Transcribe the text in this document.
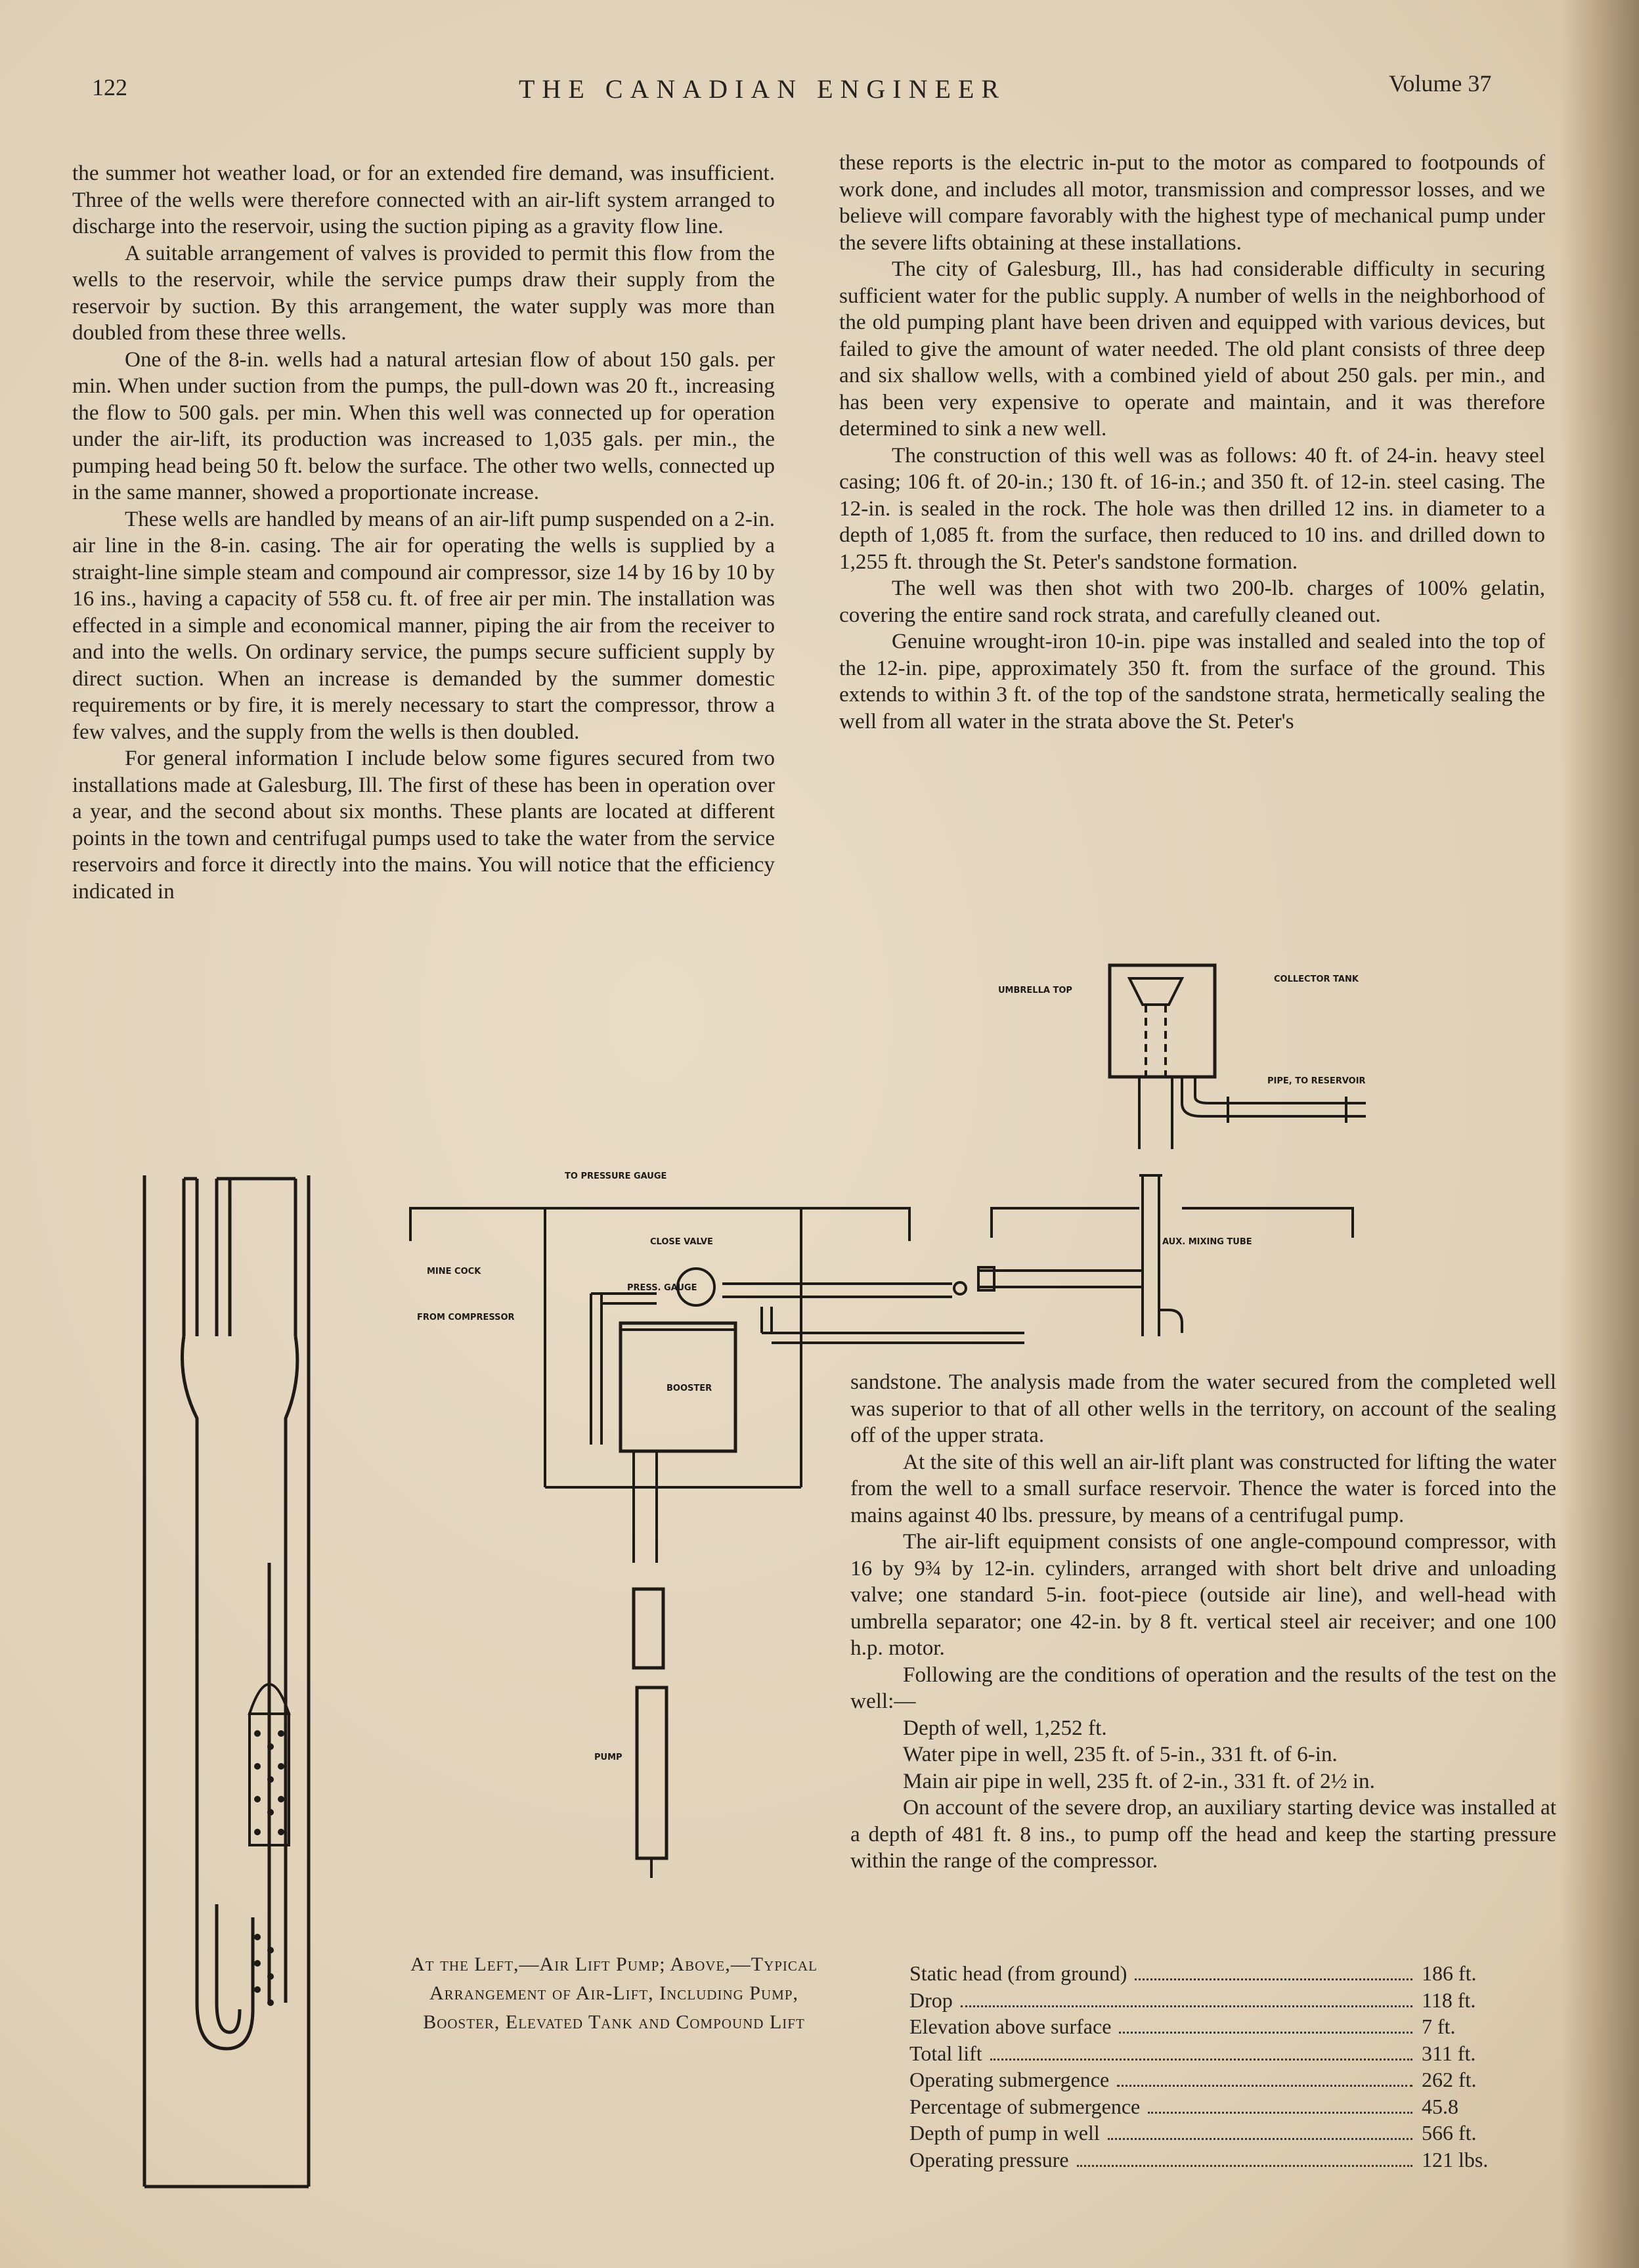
122	THE CANADIAN ENGINEER	Volume 37

the summer hot weather load, or for an extended fire demand, was insufficient. Three of the wells were therefore connected with an air-lift system arranged to discharge into the reservoir, using the suction piping as a gravity flow line.

A suitable arrangement of valves is provided to permit this flow from the wells to the reservoir, while the service pumps draw their supply from the reservoir by suction. By this arrangement, the water supply was more than doubled from these three wells.

One of the 8-in. wells had a natural artesian flow of about 150 gals. per min. When under suction from the pumps, the pull-down was 20 ft., increasing the flow to 500 gals. per min. When this well was connected up for operation under the air-lift, its production was increased to 1,035 gals. per min., the pumping head being 50 ft. below the surface. The other two wells, connected up in the same manner, showed a proportionate increase.

These wells are handled by means of an air-lift pump suspended on a 2-in. air line in the 8-in. casing. The air for operating the wells is supplied by a straight-line simple steam and compound air compressor, size 14 by 16 by 10 by 16 ins., having a capacity of 558 cu. ft. of free air per min. The installation was effected in a simple and economical manner, piping the air from the receiver to and into the wells. On ordinary service, the pumps secure sufficient supply by direct suction. When an increase is demanded by the summer domestic requirements or by fire, it is merely necessary to start the compressor, throw a few valves, and the supply from the wells is then doubled.

For general information I include below some figures secured from two installations made at Galesburg, Ill. The first of these has been in operation over a year, and the second about six months. These plants are located at different points in the town and centrifugal pumps used to take the water from the service reservoirs and force it directly into the mains. You will notice that the efficiency indicated in

these reports is the electric in-put to the motor as compared to footpounds of work done, and includes all motor, transmission and compressor losses, and we believe will compare favorably with the highest type of mechanical pump under the severe lifts obtaining at these installations.

The city of Galesburg, Ill., has had considerable difficulty in securing sufficient water for the public supply. A number of wells in the neighborhood of the old pumping plant have been driven and equipped with various devices, but failed to give the amount of water needed. The old plant consists of three deep and six shallow wells, with a combined yield of about 250 gals. per min., and has been very expensive to operate and maintain, and it was therefore determined to sink a new well.

The construction of this well was as follows: 40 ft. of 24-in. heavy steel casing; 106 ft. of 20-in.; 130 ft. of 16-in.; and 350 ft. of 12-in. steel casing. The 12-in. is sealed in the rock. The hole was then drilled 12 ins. in diameter to a depth of 1,085 ft. from the surface, then reduced to 10 ins. and drilled down to 1,255 ft. through the St. Peter's sandstone formation.

The well was then shot with two 200-lb. charges of 100% gelatin, covering the entire sand rock strata, and carefully cleaned out.

Genuine wrought-iron 10-in. pipe was installed and sealed into the top of the 12-in. pipe, approximately 350 ft. from the surface of the ground. This extends to within 3 ft. of the top of the sandstone strata, hermetically sealing the well from all water in the strata above the St. Peter's

sandstone. The analysis made from the water secured from the completed well was superior to that of all other wells in the territory, on account of the sealing off of the upper strata.

At the site of this well an air-lift plant was constructed for lifting the water from the well to a small surface reservoir. Thence the water is forced into the mains against 40 lbs. pressure, by means of a centrifugal pump.

The air-lift equipment consists of one angle-compound compressor, with 16 by 9¾ by 12-in. cylinders, arranged with short belt drive and unloading valve; one standard 5-in. foot-piece (outside air line), and well-head with umbrella separator; one 42-in. by 8 ft. vertical steel air receiver; and one 100 h.p. motor.

Following are the conditions of operation and the results of the test on the well:—

Depth of well, 1,252 ft.

Water pipe in well, 235 ft. of 5-in., 331 ft. of 6-in.

Main air pipe in well, 235 ft. of 2-in., 331 ft. of 2½ in.

On account of the severe drop, an auxiliary starting device was installed at a depth of 481 ft. 8 ins., to pump off the head and keep the starting pressure within the range of the compressor.

At the Left,—Air Lift Pump; Above,—Typical Arrangement of Air-Lift, Including Pump, Booster, Elevated Tank and Compound Lift
Static head (from ground)	186 ft.
Drop	118 ft.
Elevation above surface	7 ft.
Total lift	311 ft.
Operating submergence	262 ft.
Percentage of submergence	45.8
Depth of pump in well	566 ft.
Operating pressure	121 lbs.
UMBRELLA TOP
COLLECTOR TANK
PIPE, TO RESERVOIR
TO PRESSURE GAUGE
CLOSE VALVE
MINE COCK
PRESS. GAUGE
FROM COMPRESSOR
BOOSTER
AUX. MIXING TUBE
PUMP
